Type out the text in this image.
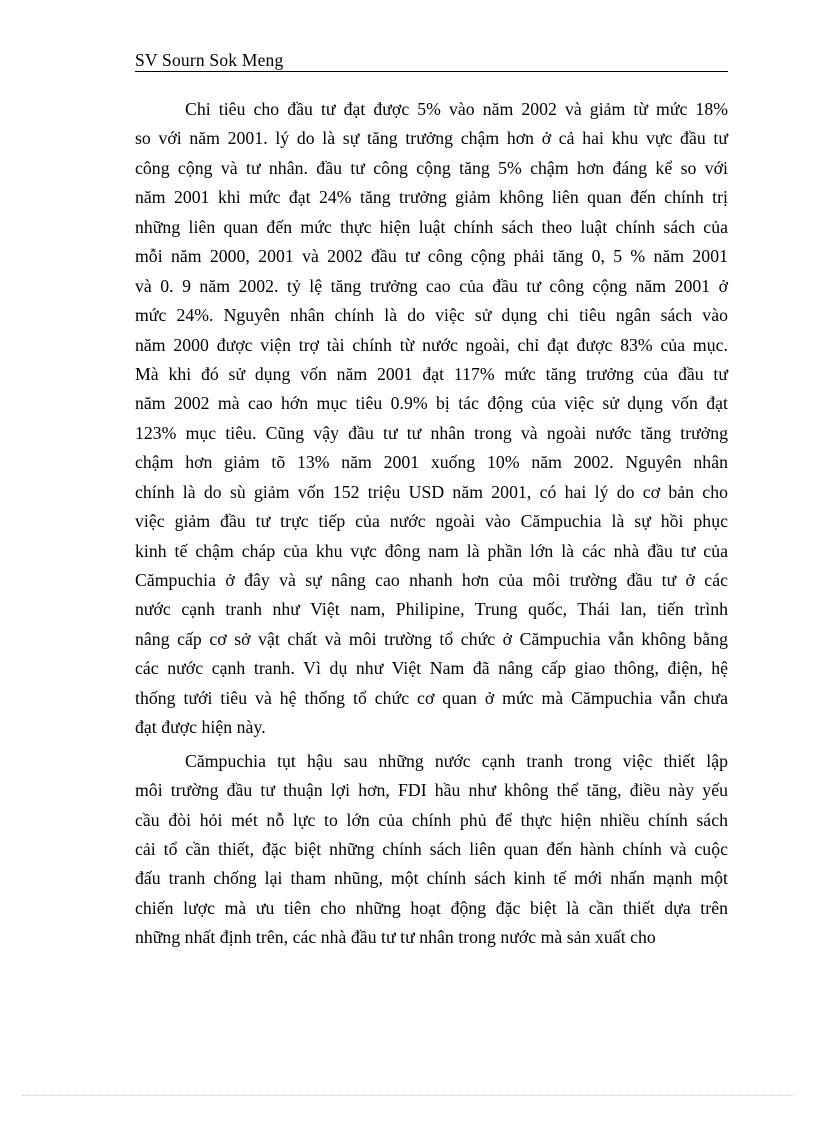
SV Sourn Sok Meng
Chi tiêu cho đầu tư đạt được 5% vào năm 2002 và giảm từ mức 18%
so với năm 2001. lý do là sự tăng trưởng chậm hơn ở cả hai khu vực đầu tư
công cộng và tư nhân. đầu tư công cộng tăng 5% chậm hơn đáng kể so với
năm 2001 khi mức đạt 24% tăng trưởng giảm không liên quan đến chính trị
những liên quan đến mức thực hiện luật chính sách theo luật chính sách của
mỗi năm 2000, 2001 và 2002 đầu tư công cộng phải tăng 0, 5 % năm 2001
và 0. 9 năm 2002. tỷ lệ tăng trưởng cao của đầu tư công cộng năm 2001 ở
mức 24%. Nguyên nhân chính là do việc sử dụng chi tiêu ngân sách vào
năm 2000 được viện trợ tài chính từ nước ngoài, chỉ đạt được 83% của mục.
Mà khi đó sử dụng vốn năm 2001 đạt 117% mức tăng trưởng của đầu tư
năm 2002 mà cao hớn mục tiêu 0.9% bị tác động của việc sử dụng vốn đạt
123% mục tiêu. Cũng vậy đầu tư tư nhân trong và ngoài nước tăng trưởng
chậm hơn giảm tõ 13% năm 2001 xuống 10% năm 2002. Nguyên nhân
chính là do sù giảm vốn 152 triệu USD năm 2001, có hai lý do cơ bản cho
việc giảm đầu tư trực tiếp của nước ngoài vào Cămpuchia là sự hồi phục
kinh tế chậm cháp của khu vực đông nam là phần lớn là các nhà đầu tư của
Cămpuchia ở đây và sự nâng cao nhanh hơn của môi trường đầu tư ở các
nước cạnh tranh như Việt nam, Philipine, Trung quốc, Thái lan, tiến trình
nâng cấp cơ sở vật chất và môi trường tổ chức ở Cămpuchia vẫn không bằng
các nước cạnh tranh. Vì dụ như Việt Nam đã nâng cấp giao thông, điện, hệ
thống tưới tiêu và hệ thống tổ chức cơ quan ở mức mà Cămpuchia vẫn chưa
đạt được hiện này.
Cămpuchia tụt hậu sau những nước cạnh tranh trong việc thiết lập
môi trường đầu tư thuận lợi hơn, FDI hầu như không thể tăng, điều này yếu
cầu đòi hỏi mét nỗ lực to lớn của chính phủ để thực hiện nhiều chính sách
cải tổ cần thiết, đặc biệt những chính sách liên quan đến hành chính và cuộc
đấu tranh chống lại tham nhũng, một chính sách kinh tế mới nhấn mạnh một
chiến lược mà ưu tiên cho những hoạt động đặc biệt là cần thiết dựa trên
những nhất định trên, các nhà đầu tư tư nhân trong nước mà sản xuất cho
